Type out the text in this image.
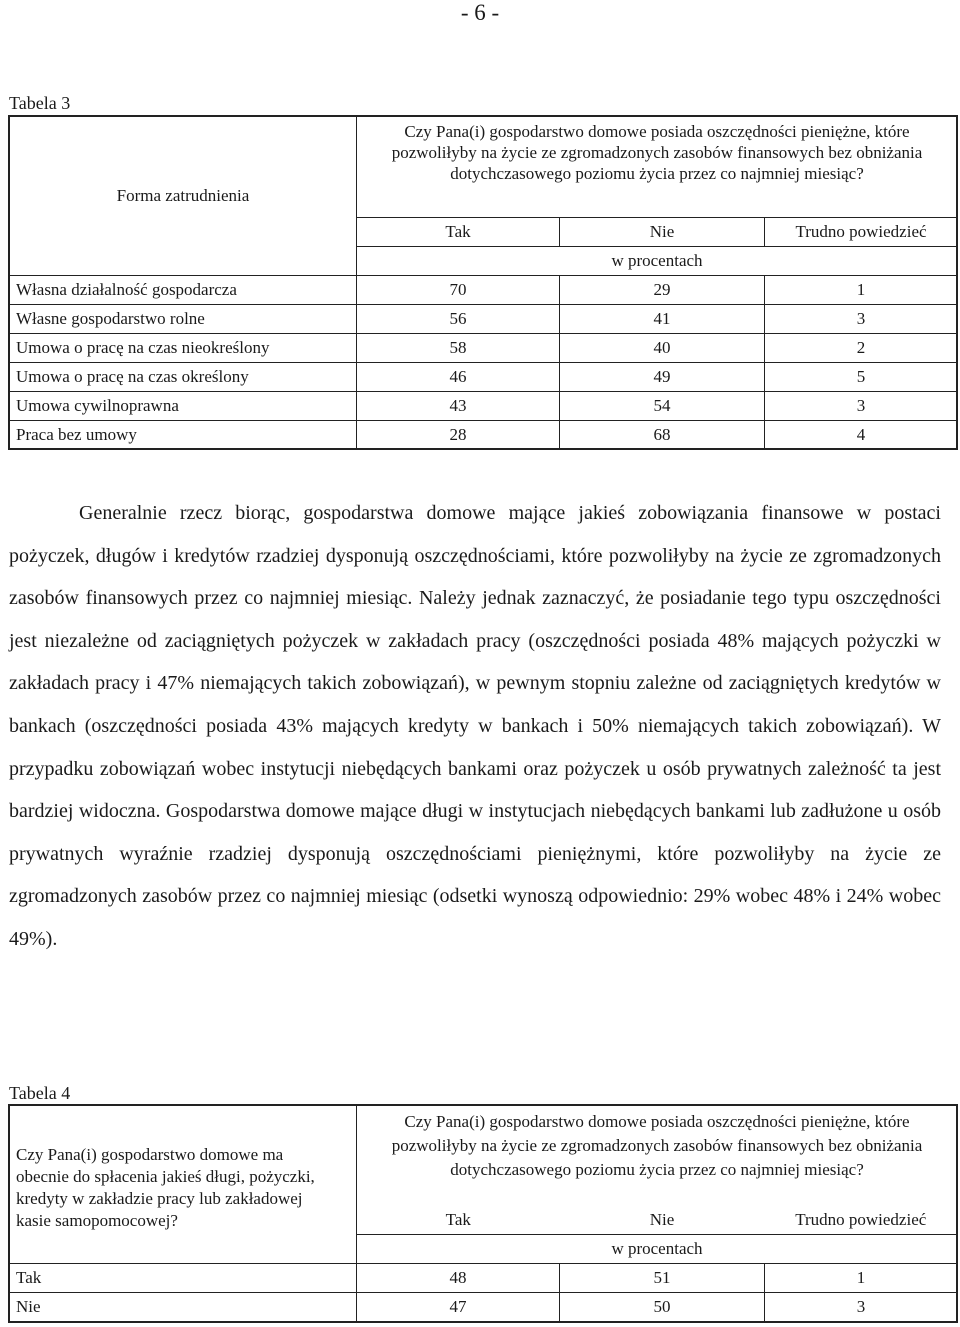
- 6 -
Tabela 3
Forma zatrudnienia	Czy Pana(i) gospodarstwo domowe posiada oszczędności pieniężne, które pozwoliłyby na życie ze zgromadzonych zasobów finansowych bez obniżania dotychczasowego poziomu życia przez co najmniej miesiąc?		
	Tak	Nie	Trudno powiedzieć
	w procentach		
Własna działalność gospodarcza	70	29	1
Własne gospodarstwo rolne	56	41	3
Umowa o pracę na czas nieokreślony	58	40	2
Umowa o pracę na czas określony	46	49	5
Umowa cywilnoprawna	43	54	3
Praca bez umowy	28	68	4

Generalnie rzecz biorąc, gospodarstwa domowe mające jakieś zobowiązania finansowe w postaci pożyczek, długów i kredytów rzadziej dysponują oszczędnościami, które pozwoliłyby na życie ze zgromadzonych zasobów finansowych przez co najmniej miesiąc. Należy jednak zaznaczyć, że posiadanie tego typu oszczędności jest niezależne od zaciągniętych pożyczek w zakładach pracy (oszczędności posiada 48% mających pożyczki w zakładach pracy i 47% niemających takich zobowiązań), w pewnym stopniu zależne od zaciągniętych kredytów w bankach (oszczędności posiada 43% mających kredyty w bankach i 50% niemających takich zobowiązań). W przypadku zobowiązań wobec instytucji niebędących bankami oraz pożyczek u osób prywatnych zależność ta jest bardziej widoczna. Gospodarstwa domowe mające długi w instytucjach niebędących bankami lub zadłużone u osób prywatnych wyraźnie rzadziej dysponują oszczędnościami pieniężnymi, które pozwoliłyby na życie ze zgromadzonych zasobów przez co najmniej miesiąc (odsetki wynoszą odpowiednio: 29% wobec 48% i 24% wobec 49%).

Tabela 4
Czy Pana(i) gospodarstwo domowe ma obecnie do spłacenia jakieś długi, pożyczki, kredyty w zakładzie pracy lub zakładowej kasie samopomocowej?	Czy Pana(i) gospodarstwo domowe posiada oszczędności pieniężne, które pozwoliłyby na życie ze zgromadzonych zasobów finansowych bez obniżania dotychczasowego poziomu życia przez co najmniej miesiąc?		
	Tak	Nie	Trudno powiedzieć
	w procentach		
Tak	48	51	1
Nie	47	50	3
